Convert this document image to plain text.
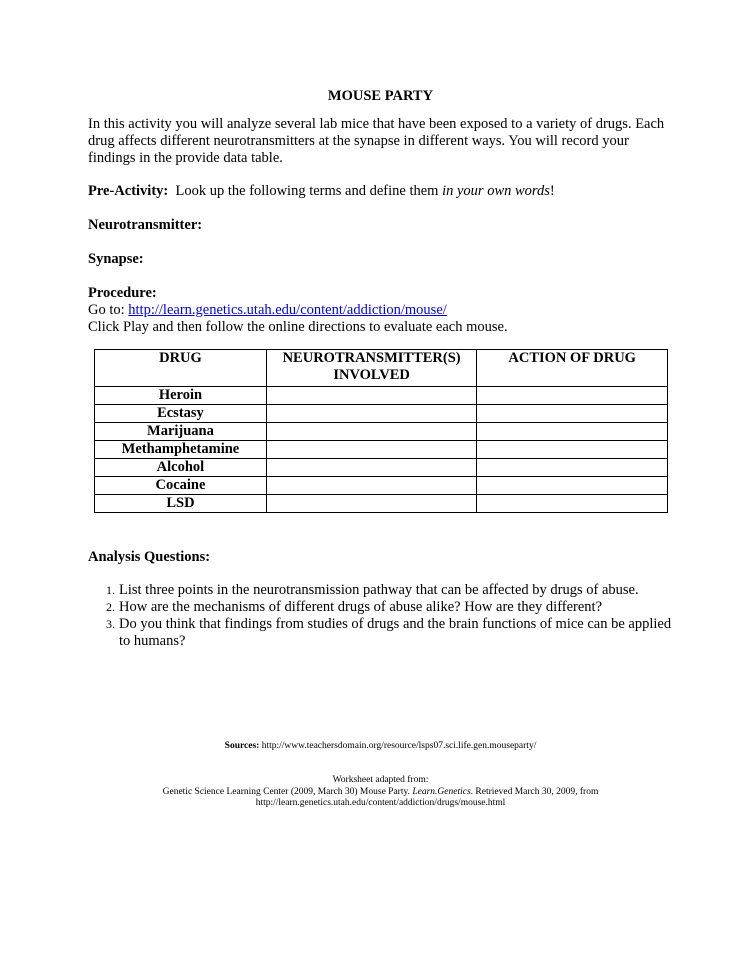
MOUSE PARTY

In this activity you will analyze several lab mice that have been exposed to a variety of drugs. Each drug affects different neurotransmitters at the synapse in different ways. You will record your findings in the provide data table.

Pre-Activity:  Look up the following terms and define them in your own words!

Neurotransmitter:

Synapse:

Procedure:

Go to: http://learn.genetics.utah.edu/content/addiction/mouse/

Click Play and then follow the online directions to evaluate each mouse.

DRUG	NEUROTRANSMITTER(S) INVOLVED	ACTION OF DRUG
Heroin		
Ecstasy		
Marijuana		
Methamphetamine		
Alcohol		
Cocaine		
LSD		

Analysis Questions:

1. List three points in the neurotransmission pathway that can be affected by drugs of abuse.
2. How are the mechanisms of different drugs of abuse alike? How are they different?
3. Do you think that findings from studies of drugs and the brain functions of mice can be applied to humans?

Sources: http://www.teachersdomain.org/resource/lsps07.sci.life.gen.mouseparty/

Worksheet adapted from:
Genetic Science Learning Center (2009, March 30) Mouse Party. Learn.Genetics. Retrieved March 30, 2009, from
http://learn.genetics.utah.edu/content/addiction/drugs/mouse.html
